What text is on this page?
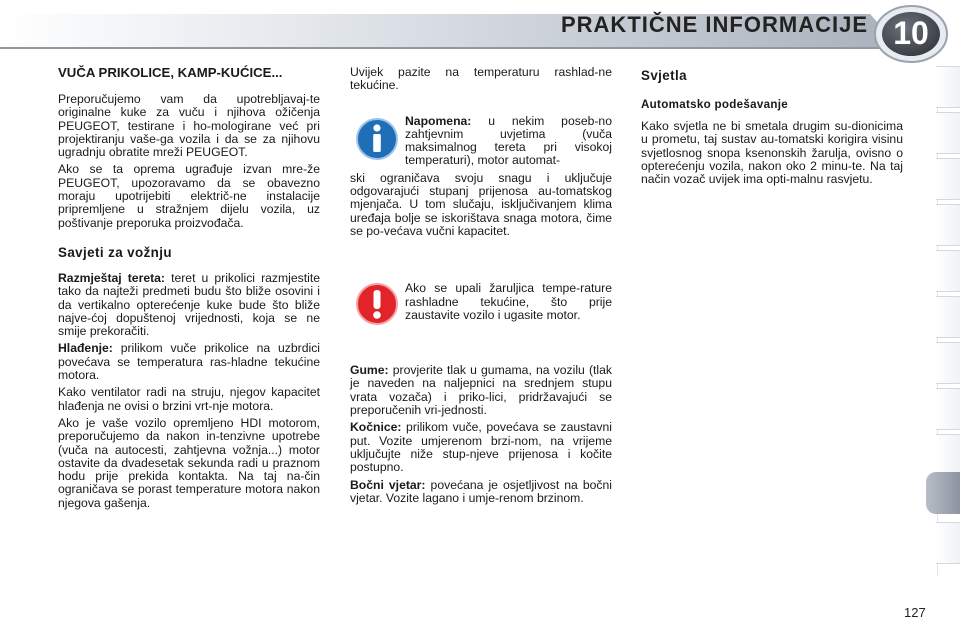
PRAKTIČNE INFORMACIJE 10
VUČA PRIKOLICE, KAMP-KUĆICE...

Preporučujemo vam da upotrebljavaj-te originalne kuke za vuču i njihova ožičenja PEUGEOT, testirane i ho-mologirane već pri projektiranju vaše-ga vozila i da se za njihovu ugradnju obratite mreži PEUGEOT.

Ako se ta oprema ugrađuje izvan mre-že PEUGEOT, upozoravamo da se obavezno moraju upotrijebiti električ-ne instalacije pripremljene u stražnjem dijelu vozila, uz poštivanje preporuka proizvođača.

Savjeti za vožnju

Razmještaj tereta: teret u prikolici razmjestite tako da najteži predmeti budu što bliže osovini i da vertikalno opterećenje kuke bude što bliže najve-ćoj dopuštenoj vrijednosti, koja se ne smije prekoračiti.

Hlađenje: prilikom vuče prikolice na uzbrdici povećava se temperatura ras-hladne tekućine motora.

Kako ventilator radi na struju, njegov kapacitet hlađenja ne ovisi o brzini vrt-nje motora.

Ako je vaše vozilo opremljeno HDI motorom, preporučujemo da nakon in-tenzivne upotrebe (vuča na autocesti, zahtjevna vožnja...) motor ostavite da dvadesetak sekunda radi u praznom hodu prije prekida kontakta. Na taj na-čin ograničava se porast temperature motora nakon njegova gašenja.

Uvijek pazite na temperaturu rashlad-ne tekućine.

Napomena: u nekim poseb-no zahtjevnim uvjetima (vuča maksimalnog tereta pri visokoj temperaturi), motor automat-

ski ograničava svoju snagu i uključuje odgovarajući stupanj prijenosa au-tomatskog mjenjača. U tom slučaju, isključivanjem klima uređaja bolje se iskorištava snaga motora, čime se po-većava vučni kapacitet.

Ako se upali žaruljica tempe-rature rashladne tekućine, što prije zaustavite vozilo i ugasite motor.

Gume: provjerite tlak u gumama, na vozilu (tlak je naveden na naljepnici na srednjem stupu vrata vozača) i priko-lici, pridržavajući se preporučenih vri-jednosti.

Kočnice: prilikom vuče, povećava se zaustavni put. Vozite umjerenom brzi-nom, na vrijeme uključujte niže stup-njeve prijenosa i kočite postupno.

Bočni vjetar: povećana je osjetljivost na bočni vjetar. Vozite lagano i umje-renom brzinom.

Svjetla
Automatsko podešavanje

Kako svjetla ne bi smetala drugim su-dionicima u prometu, taj sustav au-tomatski korigira visinu svjetlosnog snopa ksenonskih žarulja, ovisno o opterećenju vozila, nakon oko 2 minu-te. Na taj način vozač uvijek ima opti-malnu rasvjetu.

127
